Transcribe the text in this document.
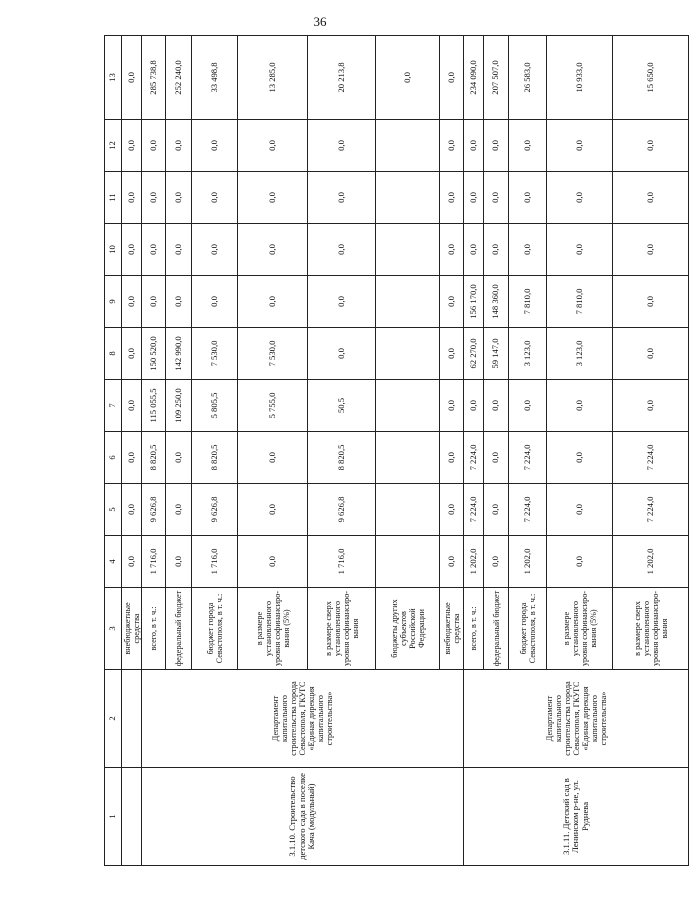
36
1	2	3	4	5	6	7	8	9	10	11	12	13
		внебюджетные средства	0,0	0,0	0,0	0,0	0,0	0,0	0,0	0,0	0,0	0,0
3.1.10. Строительство детского сада в поселке Кача (модульный)	Департамент капитального строительства города Севастополя, ГКУГС «Единая дирекция капитального строительства»	всего, в т. ч.:	1 716,0	9 626,8	8 820,5	115 055,5	150 520,0	0,0	0,0	0,0	0,0	285 738,8
		федеральный бюджет	0,0	0,0	0,0	109 250,0	142 990,0	0,0	0,0	0,0	0,0	252 240,0
		бюджет города Севастополя, в т. ч.:	1 716,0	9 626,8	8 820,5	5 805,5	7 530,0	0,0	0,0	0,0	0,0	33 498,8
		в размере установленного уровня софинансиро-вания (5%)	0,0	0,0	0,0	5 755,0	7 530,0	0,0	0,0	0,0	0,0	13 285,0
		в размере сверх установленного уровня софинансиро-вания	1 716,0	9 626,8	8 820,5	50,5	0,0	0,0	0,0	0,0	0,0	20 213,8
		бюджеты других субъектов Российской Федерации										0,0
		внебюджетные средства	0,0	0,0	0,0	0,0	0,0	0,0	0,0	0,0	0,0	0,0
3.1.11. Детский сад в Ленинском р-не, ул. Руднева	Департамент капитального строительства города Севастополя, ГКУГС «Единая дирекция капитального строительства»	всего, в т. ч.:	1 202,0	7 224,0	7 224,0	0,0	62 270,0	156 170,0	0,0	0,0	0,0	234 090,0
		федеральный бюджет	0,0	0,0	0,0	0,0	59 147,0	148 360,0	0,0	0,0	0,0	207 507,0
		бюджет города Севастополя, в т. ч.:	1 202,0	7 224,0	7 224,0	0,0	3 123,0	7 810,0	0,0	0,0	0,0	26 583,0
		в размере установленного уровня софинансиро-вания (5%)	0,0	0,0	0,0	0,0	3 123,0	7 810,0	0,0	0,0	0,0	10 933,0
		в размере сверх установленного уровня софинансиро-вания	1 202,0	7 224,0	7 224,0	0,0	0,0	0,0	0,0	0,0	0,0	15 650,0
